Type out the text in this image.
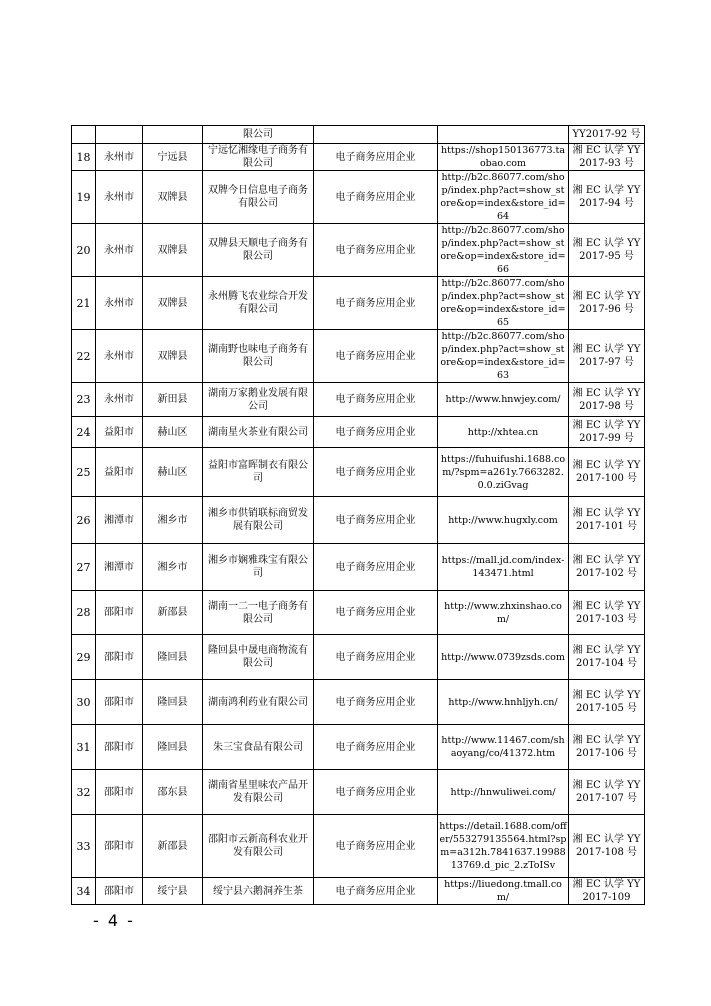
			限公司			YY2017-92 号
18	永州市	宁远县	宁远忆湘缘电子商务有限公司	电子商务应用企业	https://shop150136773.taobao.com	湘 EC 认学 YY2017-93 号
19	永州市	双牌县	双牌今日信息电子商务有限公司	电子商务应用企业	http://b2c.86077.com/shop/index.php?act=show_store&op=index&store_id=64	湘 EC 认学 YY2017-94 号
20	永州市	双牌县	双牌县天顺电子商务有限公司	电子商务应用企业	http://b2c.86077.com/shop/index.php?act=show_store&op=index&store_id=66	湘 EC 认学 YY2017-95 号
21	永州市	双牌县	永州腾飞农业综合开发有限公司	电子商务应用企业	http://b2c.86077.com/shop/index.php?act=show_store&op=index&store_id=65	湘 EC 认学 YY2017-96 号
22	永州市	双牌县	湖南野也味电子商务有限公司	电子商务应用企业	http://b2c.86077.com/shop/index.php?act=show_store&op=index&store_id=63	湘 EC 认学 YY2017-97 号
23	永州市	新田县	湖南万家鹅业发展有限公司	电子商务应用企业	http://www.hnwjey.com/	湘 EC 认学 YY2017-98 号
24	益阳市	赫山区	湖南星火茶业有限公司	电子商务应用企业	http://xhtea.cn	湘 EC 认学 YY2017-99 号
25	益阳市	赫山区	益阳市富晖制衣有限公司	电子商务应用企业	https://fuhuifushi.1688.com/?spm=a261y.7663282.0.0.ziGvag	湘 EC 认学 YY2017-100 号
26	湘潭市	湘乡市	湘乡市供销联标商贸发展有限公司	电子商务应用企业	http://www.hugxly.com	湘 EC 认学 YY2017-101 号
27	湘潭市	湘乡市	湘乡市娴雅珠宝有限公司	电子商务应用企业	https://mall.jd.com/index-143471.html	湘 EC 认学 YY2017-102 号
28	邵阳市	新邵县	湖南一二一电子商务有限公司	电子商务应用企业	http://www.zhxinshao.com/	湘 EC 认学 YY2017-103 号
29	邵阳市	隆回县	隆回县中晟电商物流有限公司	电子商务应用企业	http://www.0739zsds.com	湘 EC 认学 YY2017-104 号
30	邵阳市	隆回县	湖南鸿利药业有限公司	电子商务应用企业	http://www.hnhljyh.cn/	湘 EC 认学 YY2017-105 号
31	邵阳市	隆回县	朱三宝食品有限公司	电子商务应用企业	http://www.11467.com/shaoyang/co/41372.htm	湘 EC 认学 YY2017-106 号
32	邵阳市	邵东县	湖南省星里味农产品开发有限公司	电子商务应用企业	http://hnwuliwei.com/	湘 EC 认学 YY2017-107 号
33	邵阳市	新邵县	邵阳市云新高科农业开发有限公司	电子商务应用企业	https://detail.1688.com/offer/553279135564.html?spm=a312h.7841637.1998813769.d_pic_2.zToISv	湘 EC 认学 YY2017-108 号
34	邵阳市	绥宁县	绥宁县六鹅洞养生茶	电子商务应用企业	https://liuedong.tmall.com/	湘 EC 认学 YY2017-109
- 4 -
